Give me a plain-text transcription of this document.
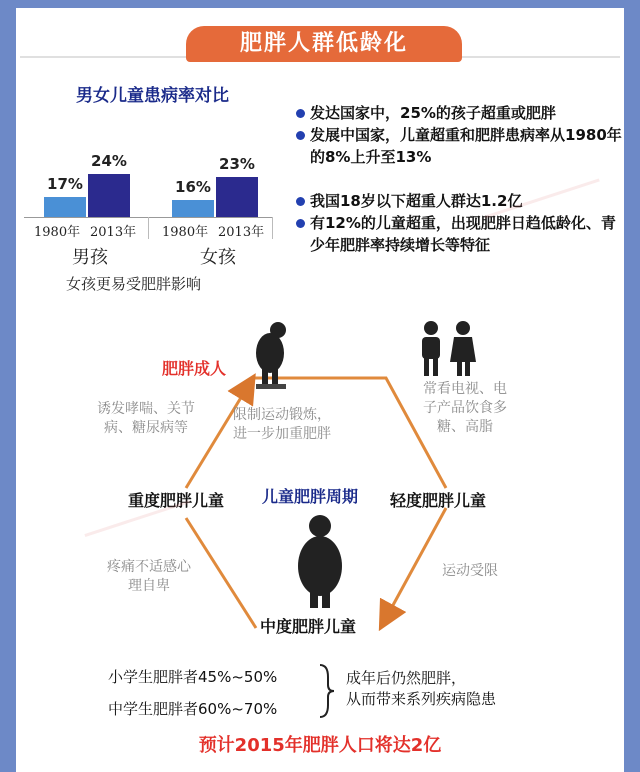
肥胖人群低龄化
男女儿童患病率对比
17%
24%
16%
23%
1980年 2013年 1980年 2013年
男孩	女孩
女孩更易受肥胖影响
发达国家中，25%的孩子超重或肥胖
发展中国家，儿童超重和肥胖患病率从1980年的8%上升至13%
我国18岁以下超重人群达1.2亿
有12%的儿童超重，出现肥胖日趋低龄化、青少年肥胖率持续增长等特征
肥胖成人
轻度肥胖儿童
中度肥胖儿童
重度肥胖儿童 儿童肥胖周期
诱发哮喘、关节病、糖尿病等
限制运动锻炼，进一步加重肥胖
常看电视、电子产品饮食多糖、高脂
运动受限
疼痛不适感心理自卑
小学生肥胖者45%~50%
中学生肥胖者60%~70%
成年后仍然肥胖，
从而带来系列疾病隐患
预计2015年肥胖人口将达2亿
